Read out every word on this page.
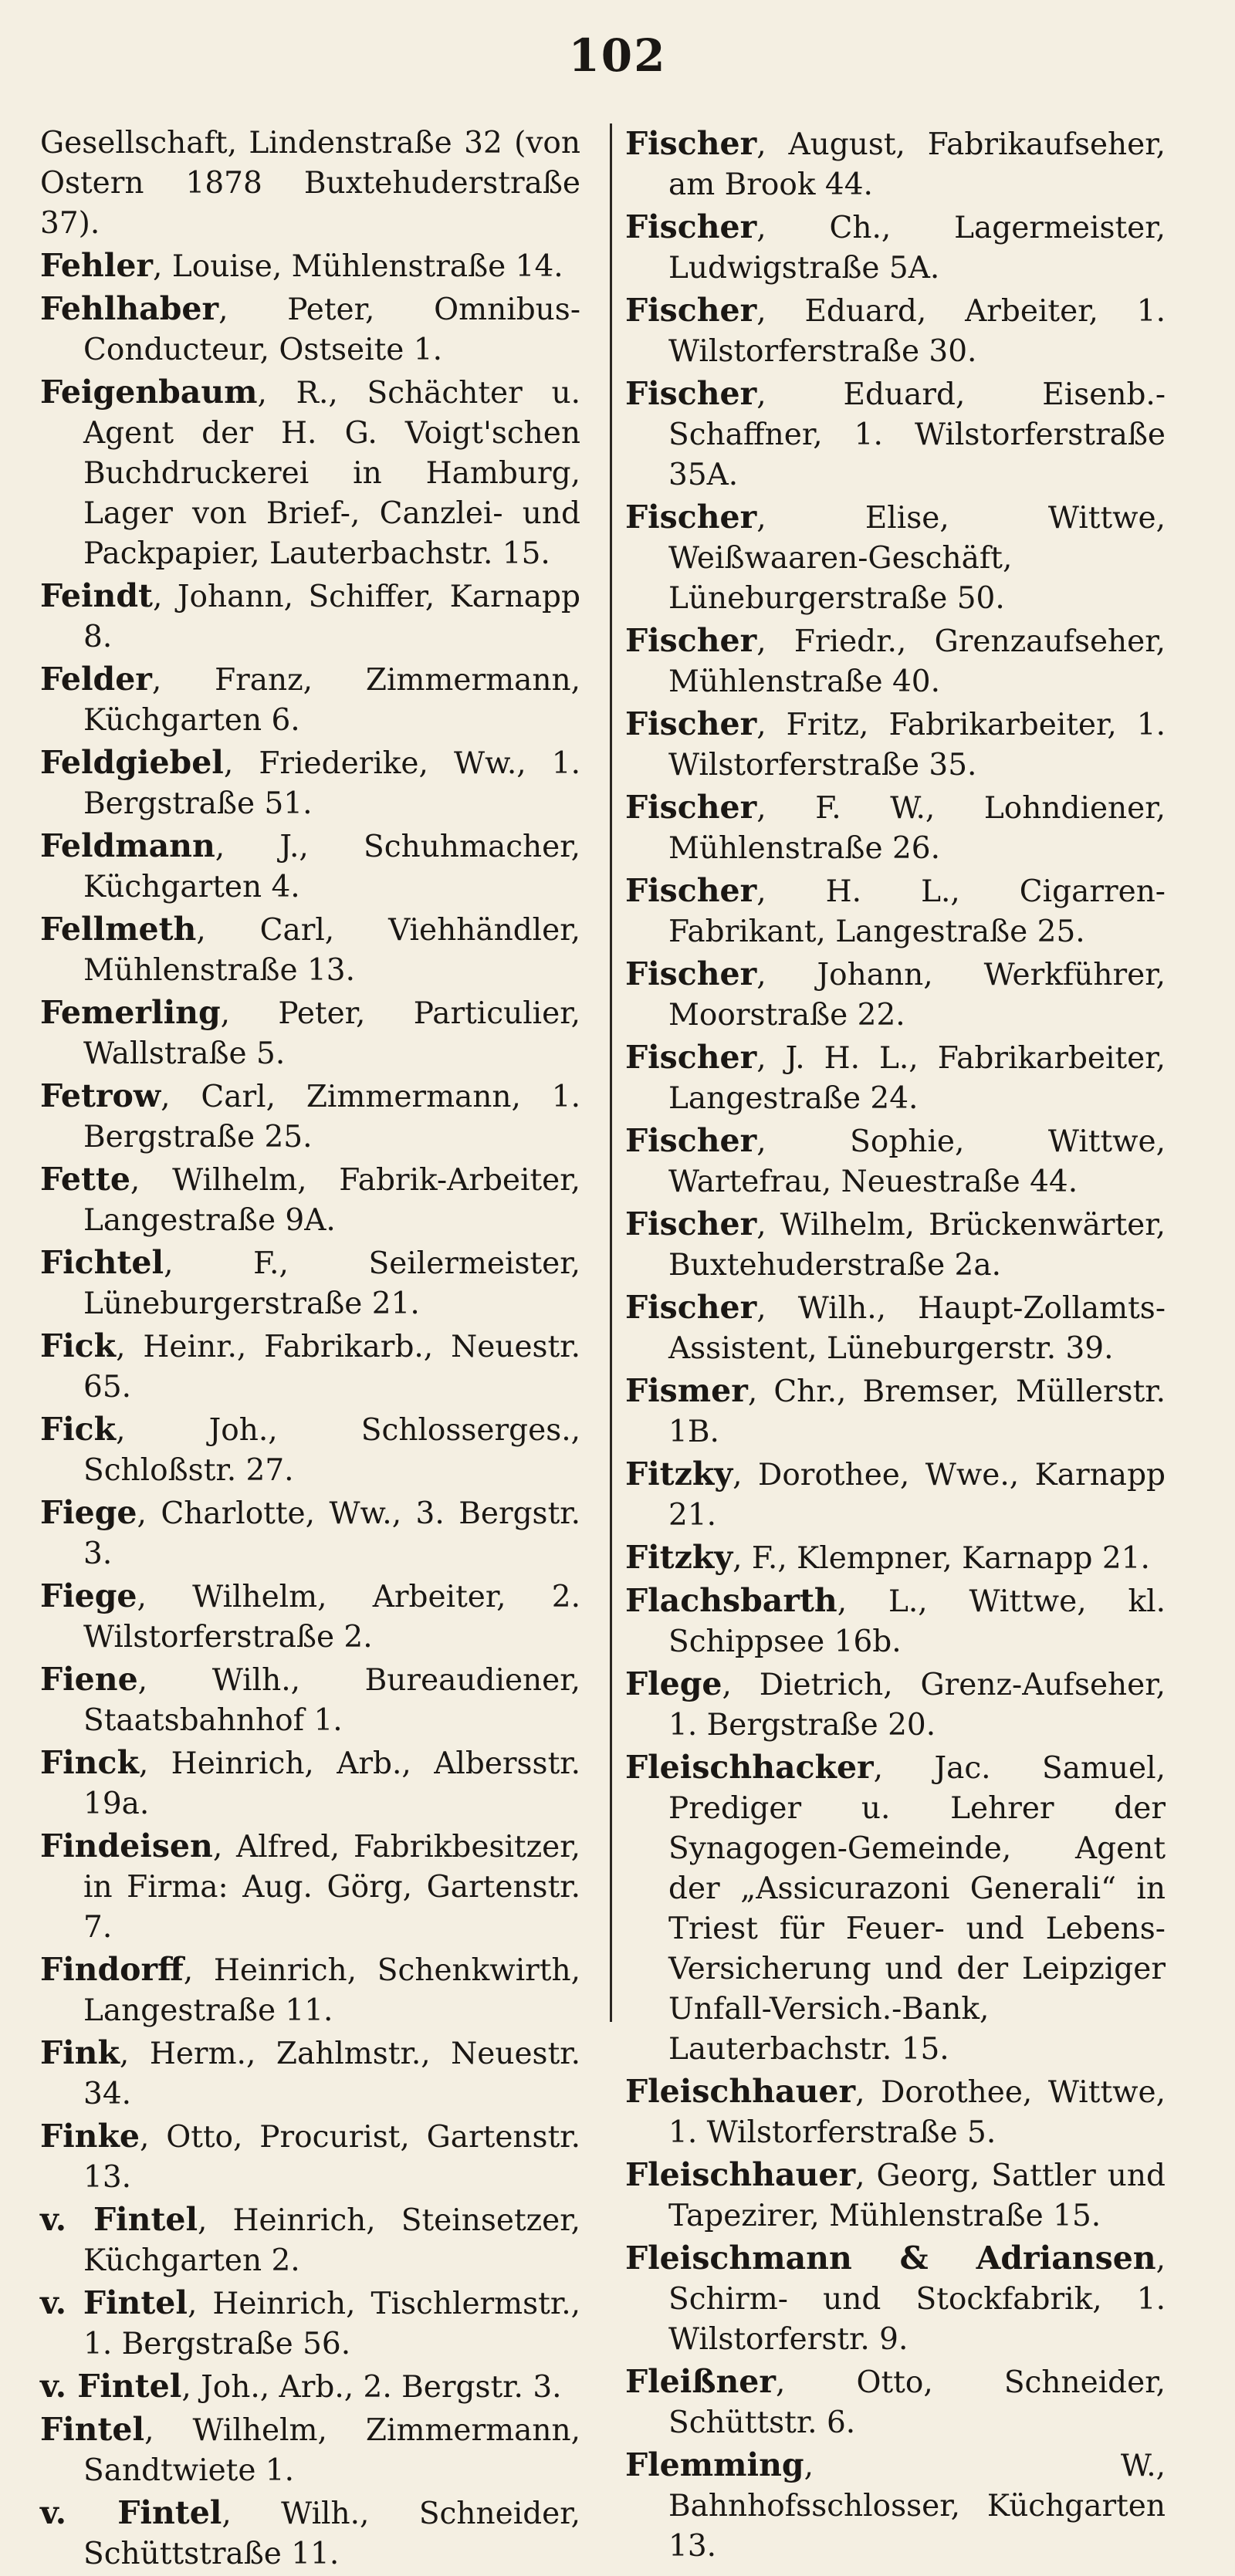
102
Gesellschaft, Lindenstraße 32 (von Ostern 1878 Buxtehuderstraße 37).
Fehler, Louise, Mühlenstraße 14.
Fehlhaber, Peter, Omnibus-Conducteur, Ostseite 1.
Feigenbaum, R., Schächter u. Agent der H. G. Voigt'schen Buchdruckerei in Hamburg, Lager von Brief-, Canzlei- und Packpapier, Lauterbachstr. 15.
Feindt, Johann, Schiffer, Karnapp 8.
Felder, Franz, Zimmermann, Küchgarten 6.
Feldgiebel, Friederike, Ww., 1. Bergstraße 51.
Feldmann, J., Schuhmacher, Küchgarten 4.
Fellmeth, Carl, Viehhändler, Mühlenstraße 13.
Femerling, Peter, Particulier, Wallstraße 5.
Fetrow, Carl, Zimmermann, 1. Bergstraße 25.
Fette, Wilhelm, Fabrik-Arbeiter, Langestraße 9A.
Fichtel, F., Seilermeister, Lüneburgerstraße 21.
Fick, Heinr., Fabrikarb., Neuestr. 65.
Fick, Joh., Schlosserges., Schloßstr. 27.
Fiege, Charlotte, Ww., 3. Bergstr. 3.
Fiege, Wilhelm, Arbeiter, 2. Wilstorferstraße 2.
Fiene, Wilh., Bureaudiener, Staatsbahnhof 1.
Finck, Heinrich, Arb., Albersstr. 19a.
Findeisen, Alfred, Fabrikbesitzer, in Firma: Aug. Görg, Gartenstr. 7.
Findorff, Heinrich, Schenkwirth, Langestraße 11.
Fink, Herm., Zahlmstr., Neuestr. 34.
Finke, Otto, Procurist, Gartenstr. 13.
v. Fintel, Heinrich, Steinsetzer, Küchgarten 2.
v. Fintel, Heinrich, Tischlermstr., 1. Bergstraße 56.
v. Fintel, Joh., Arb., 2. Bergstr. 3.
Fintel, Wilhelm, Zimmermann, Sandtwiete 1.
v. Fintel, Wilh., Schneider, Schüttstraße 11.
Fischer, August, Fabrikaufseher, am Brook 44.
Fischer, Ch., Lagermeister, Ludwigstraße 5A.
Fischer, Eduard, Arbeiter, 1. Wilstorferstraße 30.
Fischer, Eduard, Eisenb.-Schaffner, 1. Wilstorferstraße 35A.
Fischer, Elise, Wittwe, Weißwaaren-Geschäft, Lüneburgerstraße 50.
Fischer, Friedr., Grenzaufseher, Mühlenstraße 40.
Fischer, Fritz, Fabrikarbeiter, 1. Wilstorferstraße 35.
Fischer, F. W., Lohndiener, Mühlenstraße 26.
Fischer, H. L., Cigarren-Fabrikant, Langestraße 25.
Fischer, Johann, Werkführer, Moorstraße 22.
Fischer, J. H. L., Fabrikarbeiter, Langestraße 24.
Fischer, Sophie, Wittwe, Wartefrau, Neuestraße 44.
Fischer, Wilhelm, Brückenwärter, Buxtehuderstraße 2a.
Fischer, Wilh., Haupt-Zollamts-Assistent, Lüneburgerstr. 39.
Fismer, Chr., Bremser, Müllerstr. 1B.
Fitzky, Dorothee, Wwe., Karnapp 21.
Fitzky, F., Klempner, Karnapp 21.
Flachsbarth, L., Wittwe, kl. Schippsee 16b.
Flege, Dietrich, Grenz-Aufseher, 1. Bergstraße 20.
Fleischhacker, Jac. Samuel, Prediger u. Lehrer der Synagogen-Gemeinde, Agent der „Assicurazoni Generali“ in Triest für Feuer- und Lebens-Versicherung und der Leipziger Unfall-Versich.-Bank, Lauterbachstr. 15.
Fleischhauer, Dorothee, Wittwe, 1. Wilstorferstraße 5.
Fleischhauer, Georg, Sattler und Tapezirer, Mühlenstraße 15.
Fleischmann & Adriansen, Schirm- und Stockfabrik, 1. Wilstorferstr. 9.
Fleißner, Otto, Schneider, Schüttstr. 6.
Flemming, W., Bahnhofsschlosser, Küchgarten 13.
